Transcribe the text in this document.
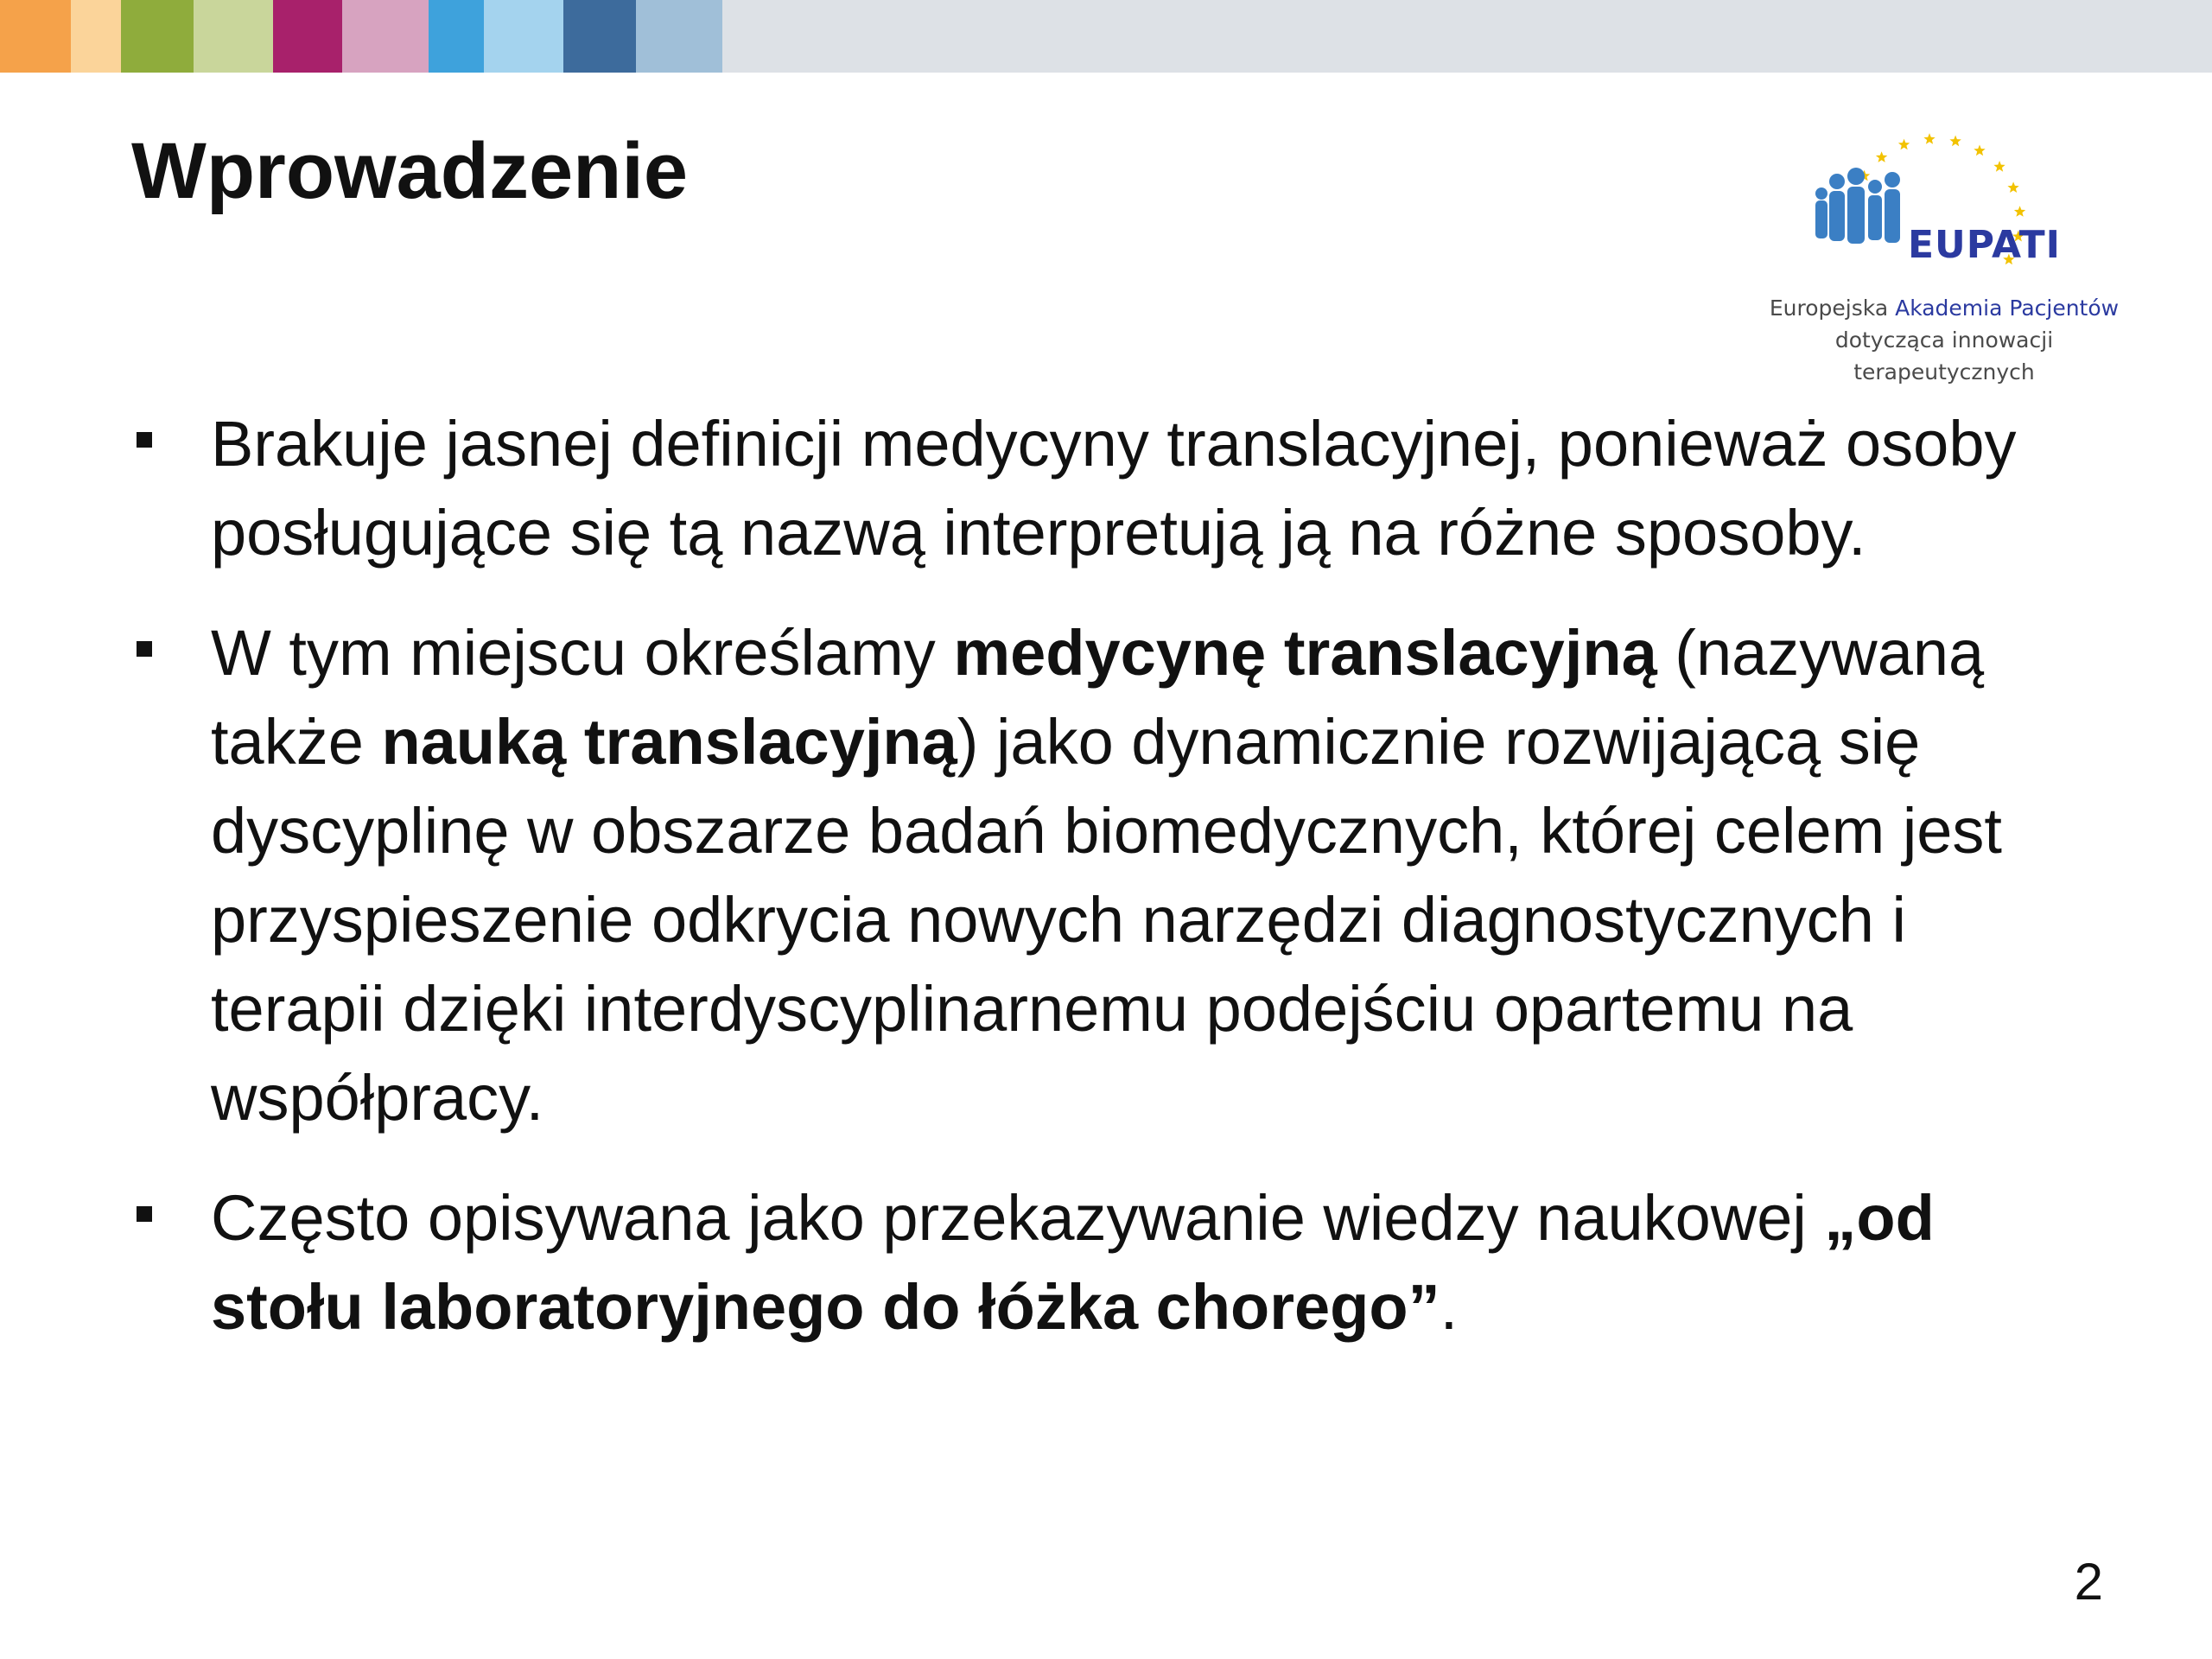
Wprowadzenie
EUPATI
Europejska Akademia Pacjentów
dotycząca innowacji
terapeutycznych
Brakuje jasnej definicji medycyny translacyjnej, ponieważ osoby posługujące się tą nazwą interpretują ją na różne sposoby.
W tym miejscu określamy medycynę translacyjną (nazywaną także nauką translacyjną) jako dynamicznie rozwijającą się dyscyplinę w obszarze badań biomedycznych, której celem jest przyspieszenie odkrycia nowych narzędzi diagnostycznych i terapii dzięki interdyscyplinarnemu podejściu opartemu na współpracy.
Często opisywana jako przekazywanie wiedzy naukowej „od stołu laboratoryjnego do łóżka chorego”.
2
